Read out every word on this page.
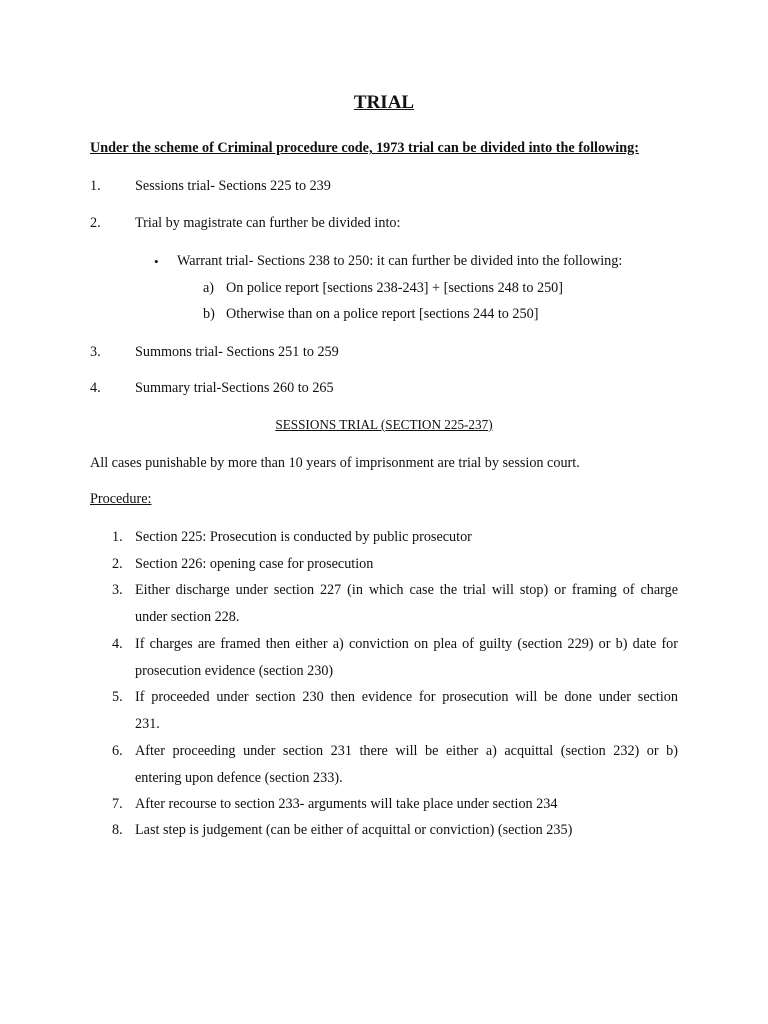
TRIAL
Under the scheme of Criminal procedure code, 1973 trial can be divided into the following:
1. Sessions trial- Sections 225 to 239
2. Trial by magistrate can further be divided into:
• Warrant trial- Sections 238 to 250: it can further be divided into the following:
a) On police report [sections 238-243] + [sections 248 to 250]
b) Otherwise than on a police report [sections 244 to 250]
3. Summons trial- Sections 251 to 259
4. Summary trial-Sections 260 to 265
SESSIONS TRIAL (SECTION 225-237)
All cases punishable by more than 10 years of imprisonment are trial by session court.
Procedure:
1. Section 225: Prosecution is conducted by public prosecutor
2. Section 226: opening case for prosecution
3. Either discharge under section 227 (in which case the trial will stop) or framing of charge
under section 228.
4. If charges are framed then either a) conviction on plea of guilty (section 229) or b) date for
prosecution evidence (section 230)
5. If proceeded under section 230 then evidence for prosecution will be done under section
231.
6. After proceeding under section 231 there will be either a) acquittal (section 232) or b)
entering upon defence (section 233).
7. After recourse to section 233- arguments will take place under section 234
8. Last step is judgement (can be either of acquittal or conviction) (section 235)
